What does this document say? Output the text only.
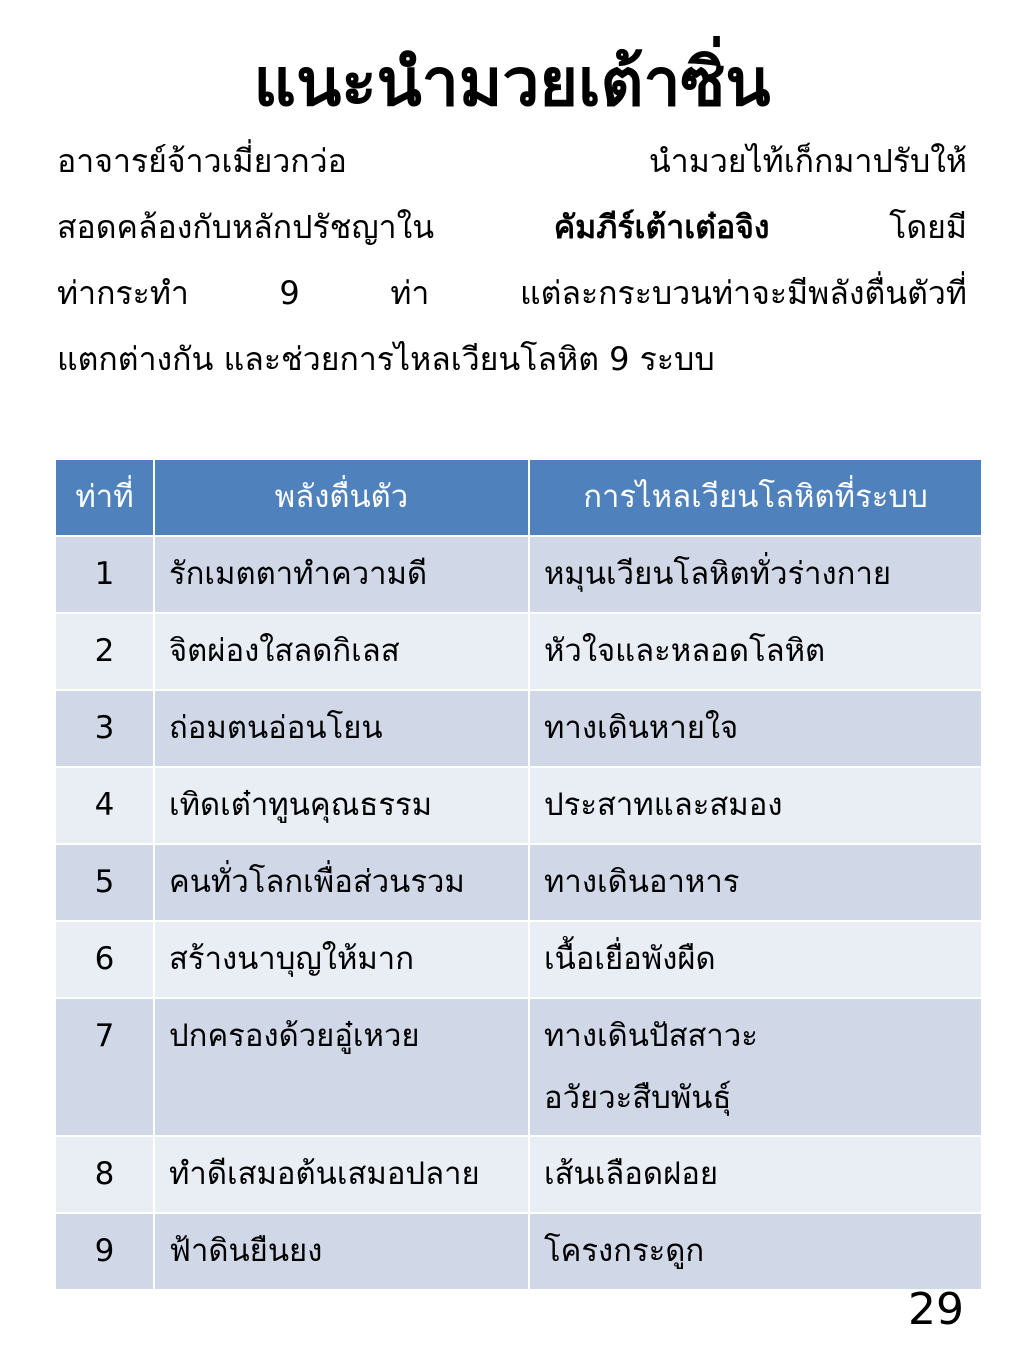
แนะนำมวยเต้าซิ่น
อาจารย์จ้าวเมี่ยวกว่อ	นำมวยไท้เก็กมาปรับให้
สอดคล้องกับหลักปรัชญาใน	คัมภีร์เต้าเต๋อจิง	โดยมี
ท่ากระทำ	9	ท่า	แต่ละกระบวนท่าจะมีพลังตื่นตัวที่
แตกต่างกัน และช่วยการไหลเวียนโลหิต 9 ระบบ
ท่าที่	พลังตื่นตัว	การไหลเวียนโลหิตที่ระบบ
1	รักเมตตาทำความดี	หมุนเวียนโลหิตทั่วร่างกาย
2	จิตผ่องใสลดกิเลส	หัวใจและหลอดโลหิต
3	ถ่อมตนอ่อนโยน	ทางเดินหายใจ
4	เทิดเต๋าทูนคุณธรรม	ประสาทและสมอง
5	คนทั่วโลกเพื่อส่วนรวม	ทางเดินอาหาร
6	สร้างนาบุญให้มาก	เนื้อเยื่อพังผืด
7	ปกครองด้วยอู๋เหวย	ทางเดินปัสสาวะ
อวัยวะสืบพันธุ์

8	ทำดีเสมอต้นเสมอปลาย	เส้นเลือดฝอย
9	ฟ้าดินยืนยง	โครงกระดูก
29
